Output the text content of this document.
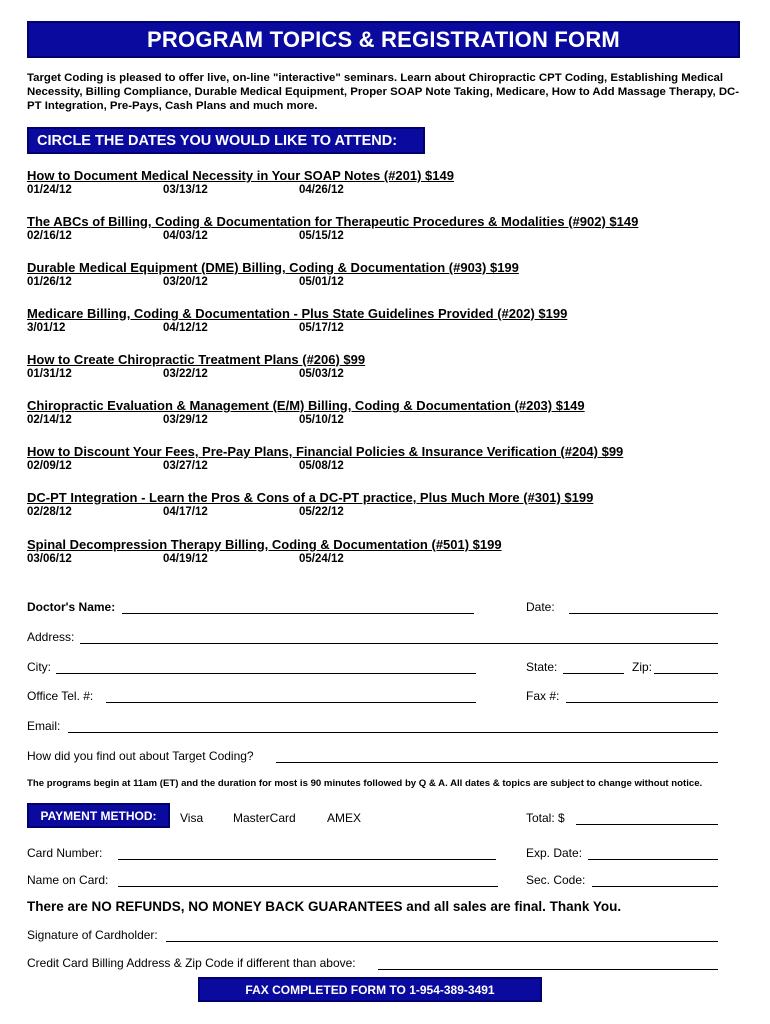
PROGRAM TOPICS & REGISTRATION FORM
Target Coding is pleased to offer live, on-line "interactive" seminars. Learn about Chiropractic CPT Coding, Establishing Medical Necessity, Billing Compliance, Durable Medical Equipment, Proper SOAP Note Taking, Medicare, How to Add Massage Therapy, DC-PT Integration, Pre-Pays, Cash Plans and much more.
CIRCLE THE DATES YOU WOULD LIKE TO ATTEND:
How to Document Medical Necessity in Your SOAP Notes (#201) $149
01/24/12	03/13/12	04/26/12
The ABCs of Billing, Coding & Documentation for Therapeutic Procedures & Modalities (#902) $149
02/16/12	04/03/12	05/15/12
Durable Medical Equipment (DME) Billing, Coding & Documentation (#903) $199
01/26/12	03/20/12	05/01/12
Medicare Billing, Coding & Documentation - Plus State Guidelines Provided (#202) $199
3/01/12	04/12/12	05/17/12
How to Create Chiropractic Treatment Plans (#206) $99
01/31/12	03/22/12	05/03/12
Chiropractic Evaluation & Management (E/M) Billing, Coding & Documentation (#203) $149
02/14/12	03/29/12	05/10/12
How to Discount Your Fees, Pre-Pay Plans, Financial Policies & Insurance Verification (#204) $99
02/09/12	03/27/12	05/08/12
DC-PT Integration - Learn the Pros & Cons of a DC-PT practice, Plus Much More (#301) $199
02/28/12	04/17/12	05/22/12
Spinal Decompression Therapy Billing, Coding & Documentation (#501) $199
03/06/12	04/19/12	05/24/12
Doctor's Name:	Date:
Address:
City:	State:	Zip:
Office Tel. #:	Fax #:
Email:
How did you find out about Target Coding?
The programs begin at 11am (ET) and the duration for most is 90 minutes followed by Q & A. All dates & topics are subject to change without notice.
PAYMENT METHOD: Visa MasterCard	AMEX	Total: $
Card Number:	Exp. Date:
Name on Card:	Sec. Code:
There are NO REFUNDS, NO MONEY BACK GUARANTEES and all sales are final. Thank You.
Signature of Cardholder:
Credit Card Billing Address & Zip Code if different than above:
FAX COMPLETED FORM TO 1-954-389-3491
